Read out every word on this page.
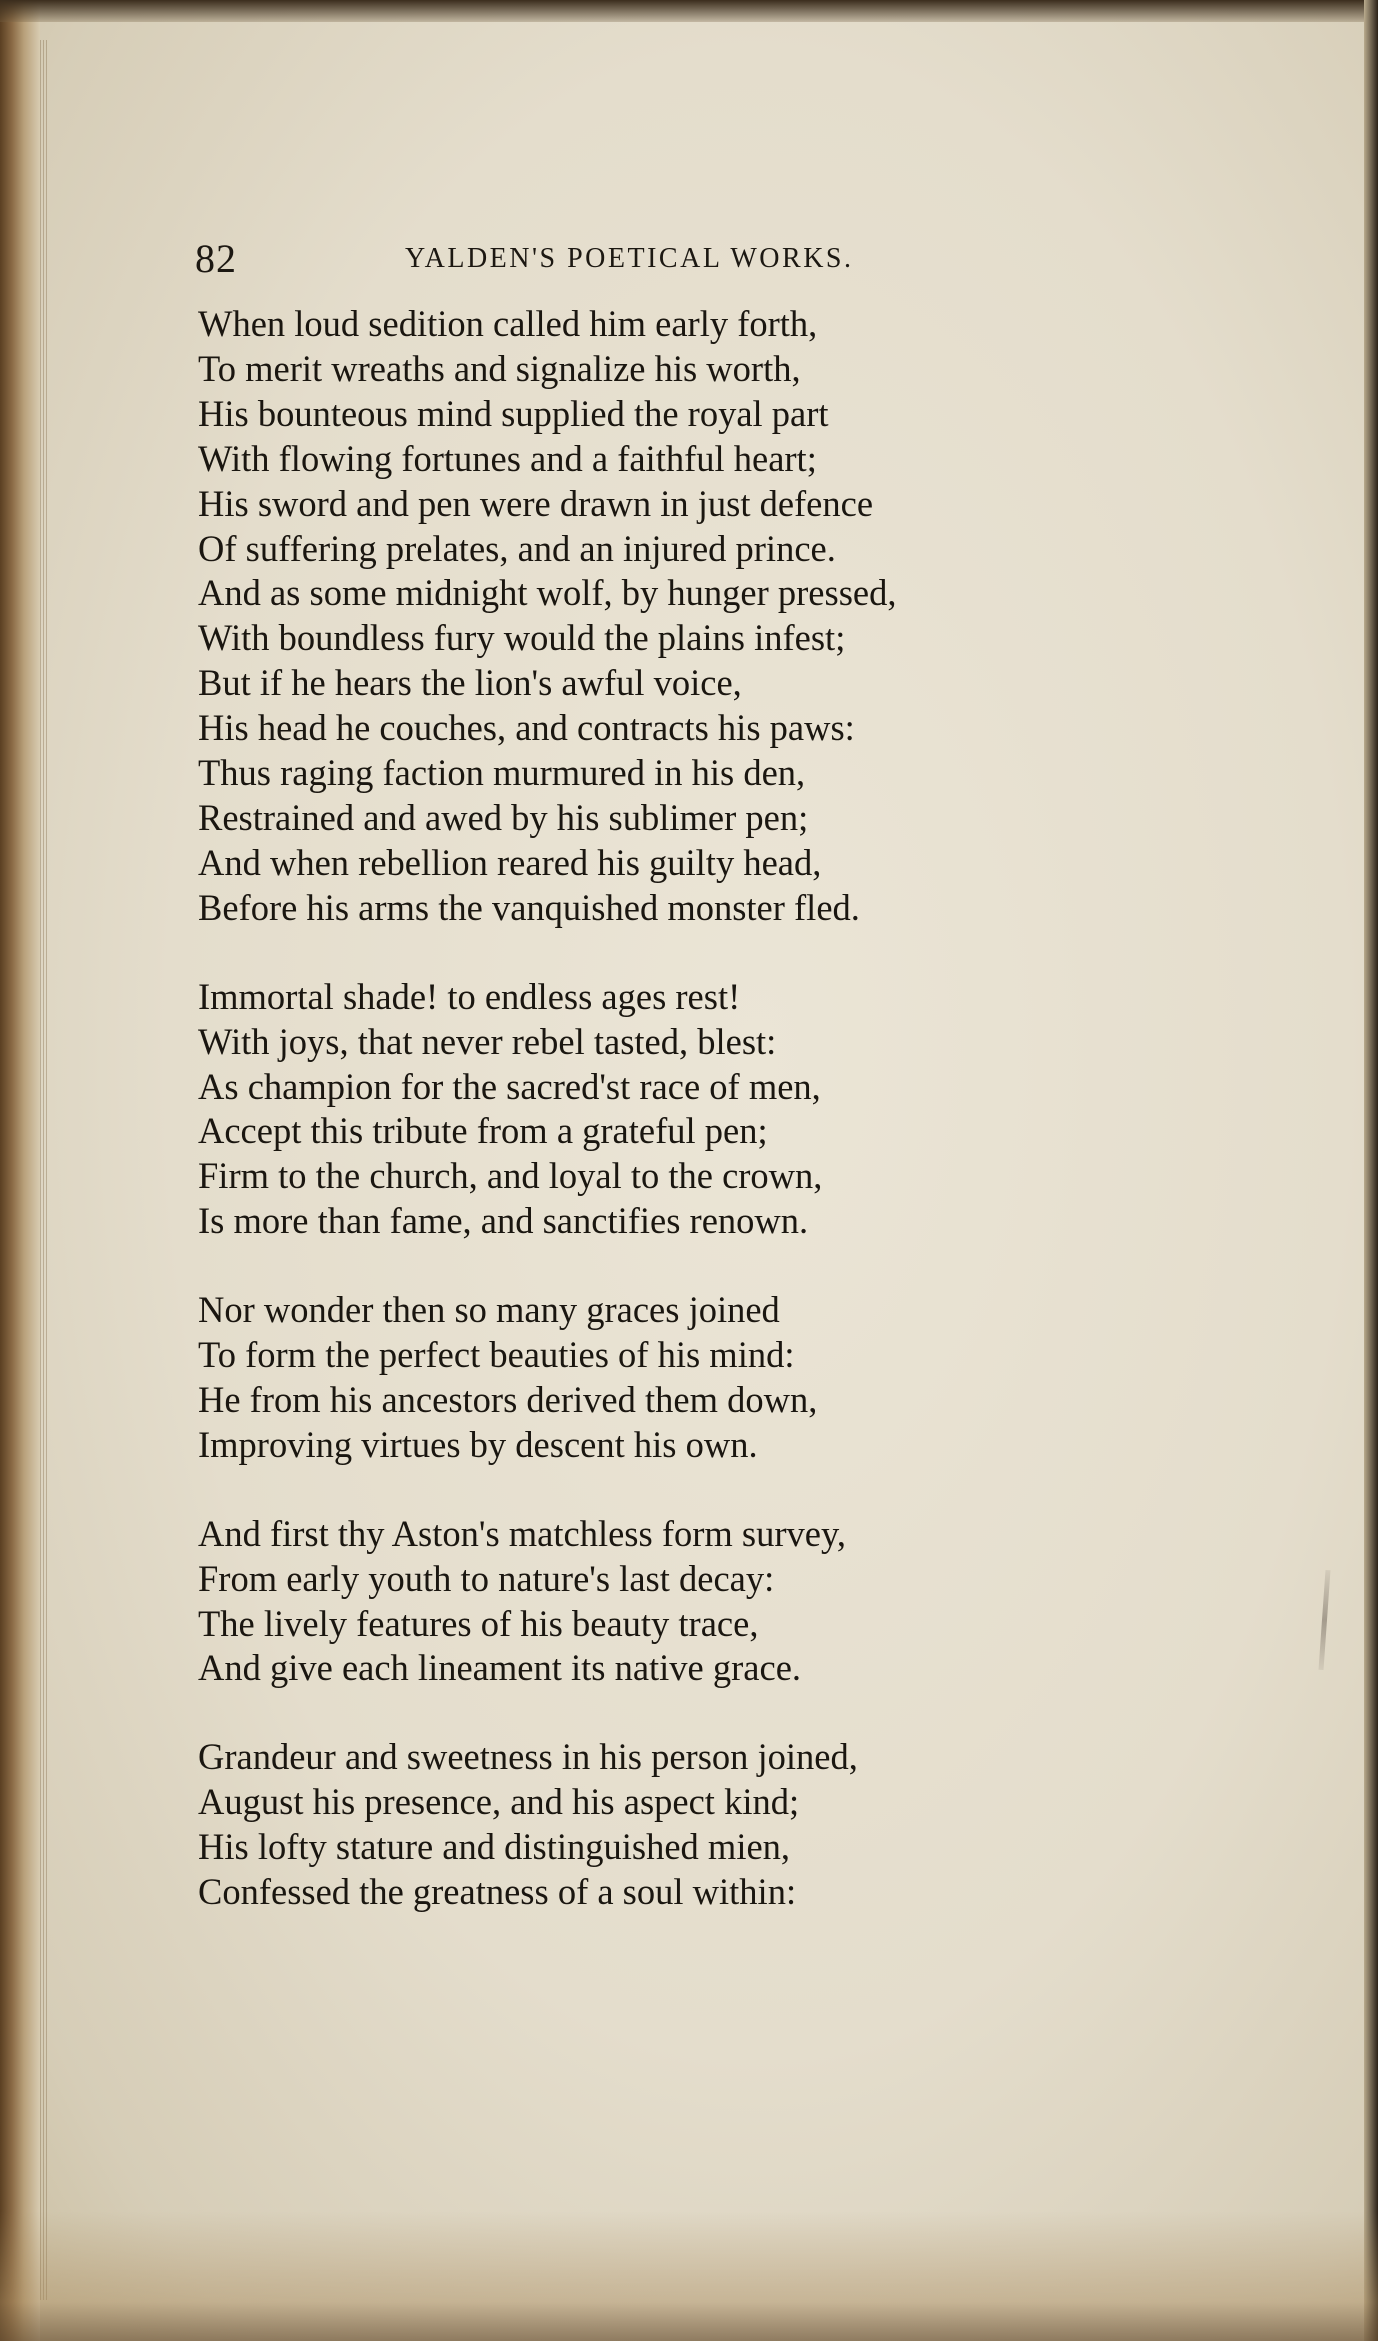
82	YALDEN'S POETICAL WORKS.
When loud sedition called him early forth,
To merit wreaths and signalize his worth,
His bounteous mind supplied the royal part
With flowing fortunes and a faithful heart;
His sword and pen were drawn in just defence
Of suffering prelates, and an injured prince.
And as some midnight wolf, by hunger pressed,
With boundless fury would the plains infest;
But if he hears the lion's awful voice,
His head he couches, and contracts his paws:
Thus raging faction murmured in his den,
Restrained and awed by his sublimer pen;
And when rebellion reared his guilty head,
Before his arms the vanquished monster fled.
Immortal shade! to endless ages rest!
With joys, that never rebel tasted, blest:
As champion for the sacred'st race of men,
Accept this tribute from a grateful pen;
Firm to the church, and loyal to the crown,
Is more than fame, and sanctifies renown.
Nor wonder then so many graces joined
To form the perfect beauties of his mind:
He from his ancestors derived them down,
Improving virtues by descent his own.
And first thy Aston's matchless form survey,
From early youth to nature's last decay:
The lively features of his beauty trace,
And give each lineament its native grace.
Grandeur and sweetness in his person joined,
August his presence, and his aspect kind;
His lofty stature and distinguished mien,
Confessed the greatness of a soul within:
